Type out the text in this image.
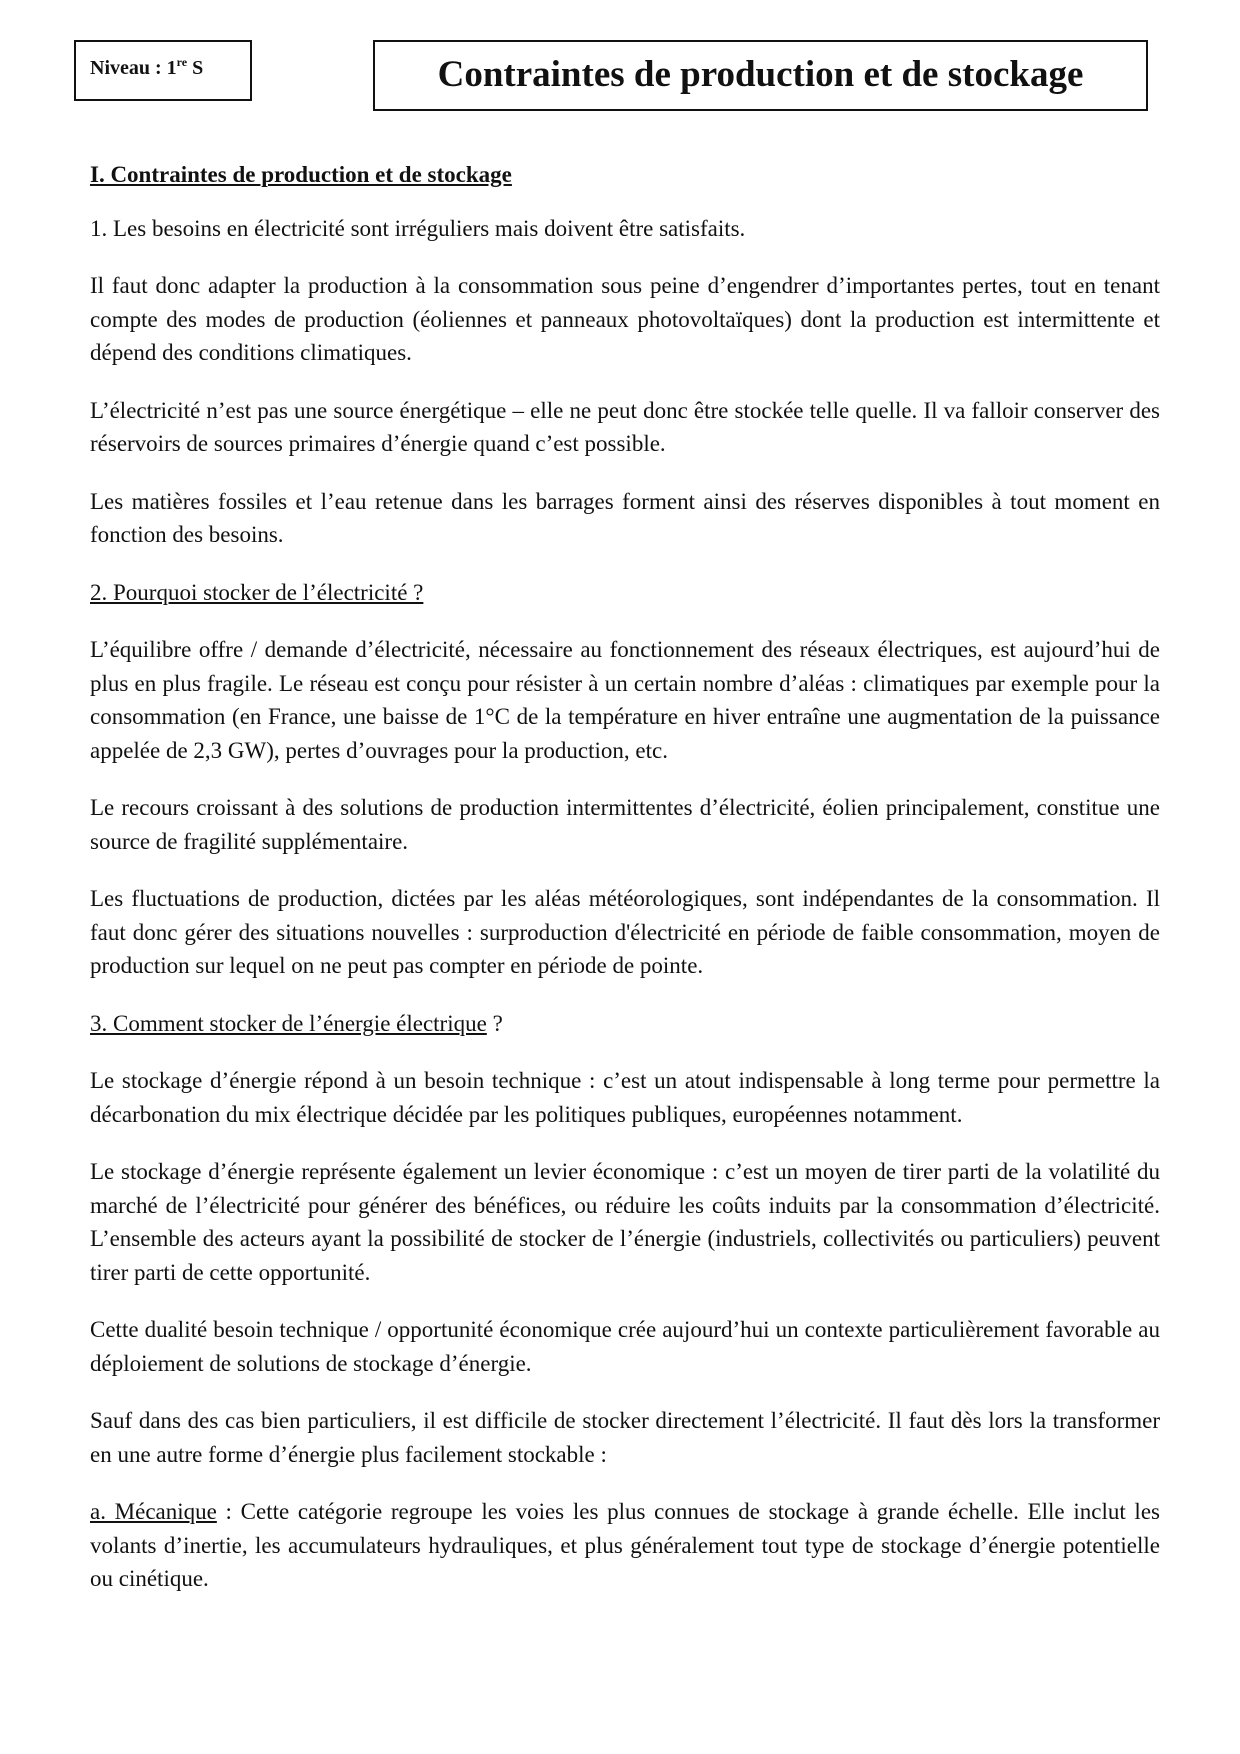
Niveau : 1re S	Contraintes de production et de stockage

I. Contraintes de production et de stockage

1. Les besoins en électricité sont irréguliers mais doivent être satisfaits.

Il faut donc adapter la production à la consommation sous peine d’engendrer d’importantes pertes, tout en tenant compte des modes de production (éoliennes et panneaux photovoltaïques) dont la production est intermittente et dépend des conditions climatiques.

L’électricité n’est pas une source énergétique – elle ne peut donc être stockée telle quelle. Il va falloir conserver des réservoirs de sources primaires d’énergie quand c’est possible.

Les matières fossiles et l’eau retenue dans les barrages forment ainsi des réserves disponibles à tout moment en fonction des besoins.

2. Pourquoi stocker de l’électricité ?

L’équilibre offre / demande d’électricité, nécessaire au fonctionnement des réseaux électriques, est aujourd’hui de plus en plus fragile. Le réseau est conçu pour résister à un certain nombre d’aléas : climatiques par exemple pour la consommation (en France, une baisse de 1°C de la température en hiver entraîne une augmentation de la puissance appelée de 2,3 GW), pertes d’ouvrages pour la production, etc.

Le recours croissant à des solutions de production intermittentes d’électricité, éolien principalement, constitue une source de fragilité supplémentaire.

Les fluctuations de production, dictées par les aléas météorologiques, sont indépendantes de la consommation. Il faut donc gérer des situations nouvelles : surproduction d'électricité en période de faible consommation, moyen de production sur lequel on ne peut pas compter en période de pointe.

3. Comment stocker de l’énergie électrique ?

Le stockage d’énergie répond à un besoin technique : c’est un atout indispensable à long terme pour permettre la décarbonation du mix électrique décidée par les politiques publiques, européennes notamment.

Le stockage d’énergie représente également un levier économique : c’est un moyen de tirer parti de la volatilité du marché de l’électricité pour générer des bénéfices, ou réduire les coûts induits par la consommation d’électricité. L’ensemble des acteurs ayant la possibilité de stocker de l’énergie (industriels, collectivités ou particuliers) peuvent tirer parti de cette opportunité.

Cette dualité besoin technique / opportunité économique crée aujourd’hui un contexte particulièrement favorable au déploiement de solutions de stockage d’énergie.

Sauf dans des cas bien particuliers, il est difficile de stocker directement l’électricité. Il faut dès lors la transformer en une autre forme d’énergie plus facilement stockable :

a. Mécanique : Cette catégorie regroupe les voies les plus connues de stockage à grande échelle. Elle inclut les volants d’inertie, les accumulateurs hydrauliques, et plus généralement tout type de stockage d’énergie potentielle ou cinétique.
